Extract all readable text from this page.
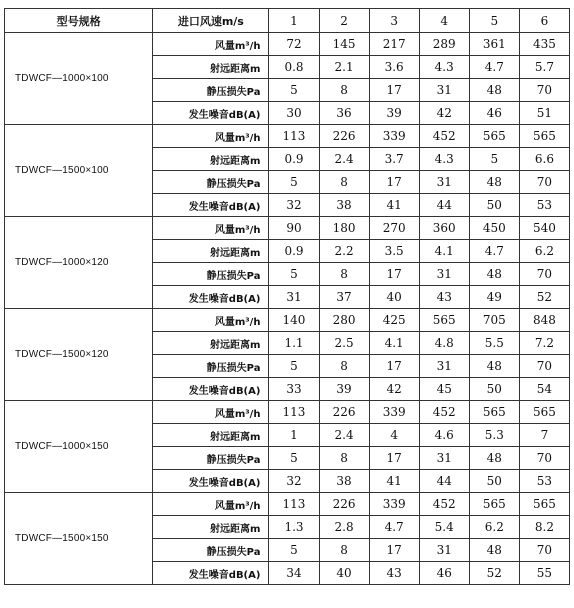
型号规格	进口风速m/s	1	2	3	4	5	6
TDWCF—1000×100	风量m³/h	72	145	217	289	361	435
	射远距离m	0.8	2.1	3.6	4.3	4.7	5.7
	静压损失Pa	5	8	17	31	48	70
	发生噪音dB(A)	30	36	39	42	46	51
TDWCF—1500×100	风量m³/h	113	226	339	452	565	565
	射远距离m	0.9	2.4	3.7	4.3	5	6.6
	静压损失Pa	5	8	17	31	48	70
	发生噪音dB(A)	32	38	41	44	50	53
TDWCF—1000×120	风量m³/h	90	180	270	360	450	540
	射远距离m	0.9	2.2	3.5	4.1	4.7	6.2
	静压损失Pa	5	8	17	31	48	70
	发生噪音dB(A)	31	37	40	43	49	52
TDWCF—1500×120	风量m³/h	140	280	425	565	705	848
	射远距离m	1.1	2.5	4.1	4.8	5.5	7.2
	静压损失Pa	5	8	17	31	48	70
	发生噪音dB(A)	33	39	42	45	50	54
TDWCF—1000×150	风量m³/h	113	226	339	452	565	565
	射远距离m	1	2.4	4	4.6	5.3	7
	静压损失Pa	5	8	17	31	48	70
	发生噪音dB(A)	32	38	41	44	50	53
TDWCF—1500×150	风量m³/h	113	226	339	452	565	565
	射远距离m	1.3	2.8	4.7	5.4	6.2	8.2
	静压损失Pa	5	8	17	31	48	70
	发生噪音dB(A)	34	40	43	46	52	55
